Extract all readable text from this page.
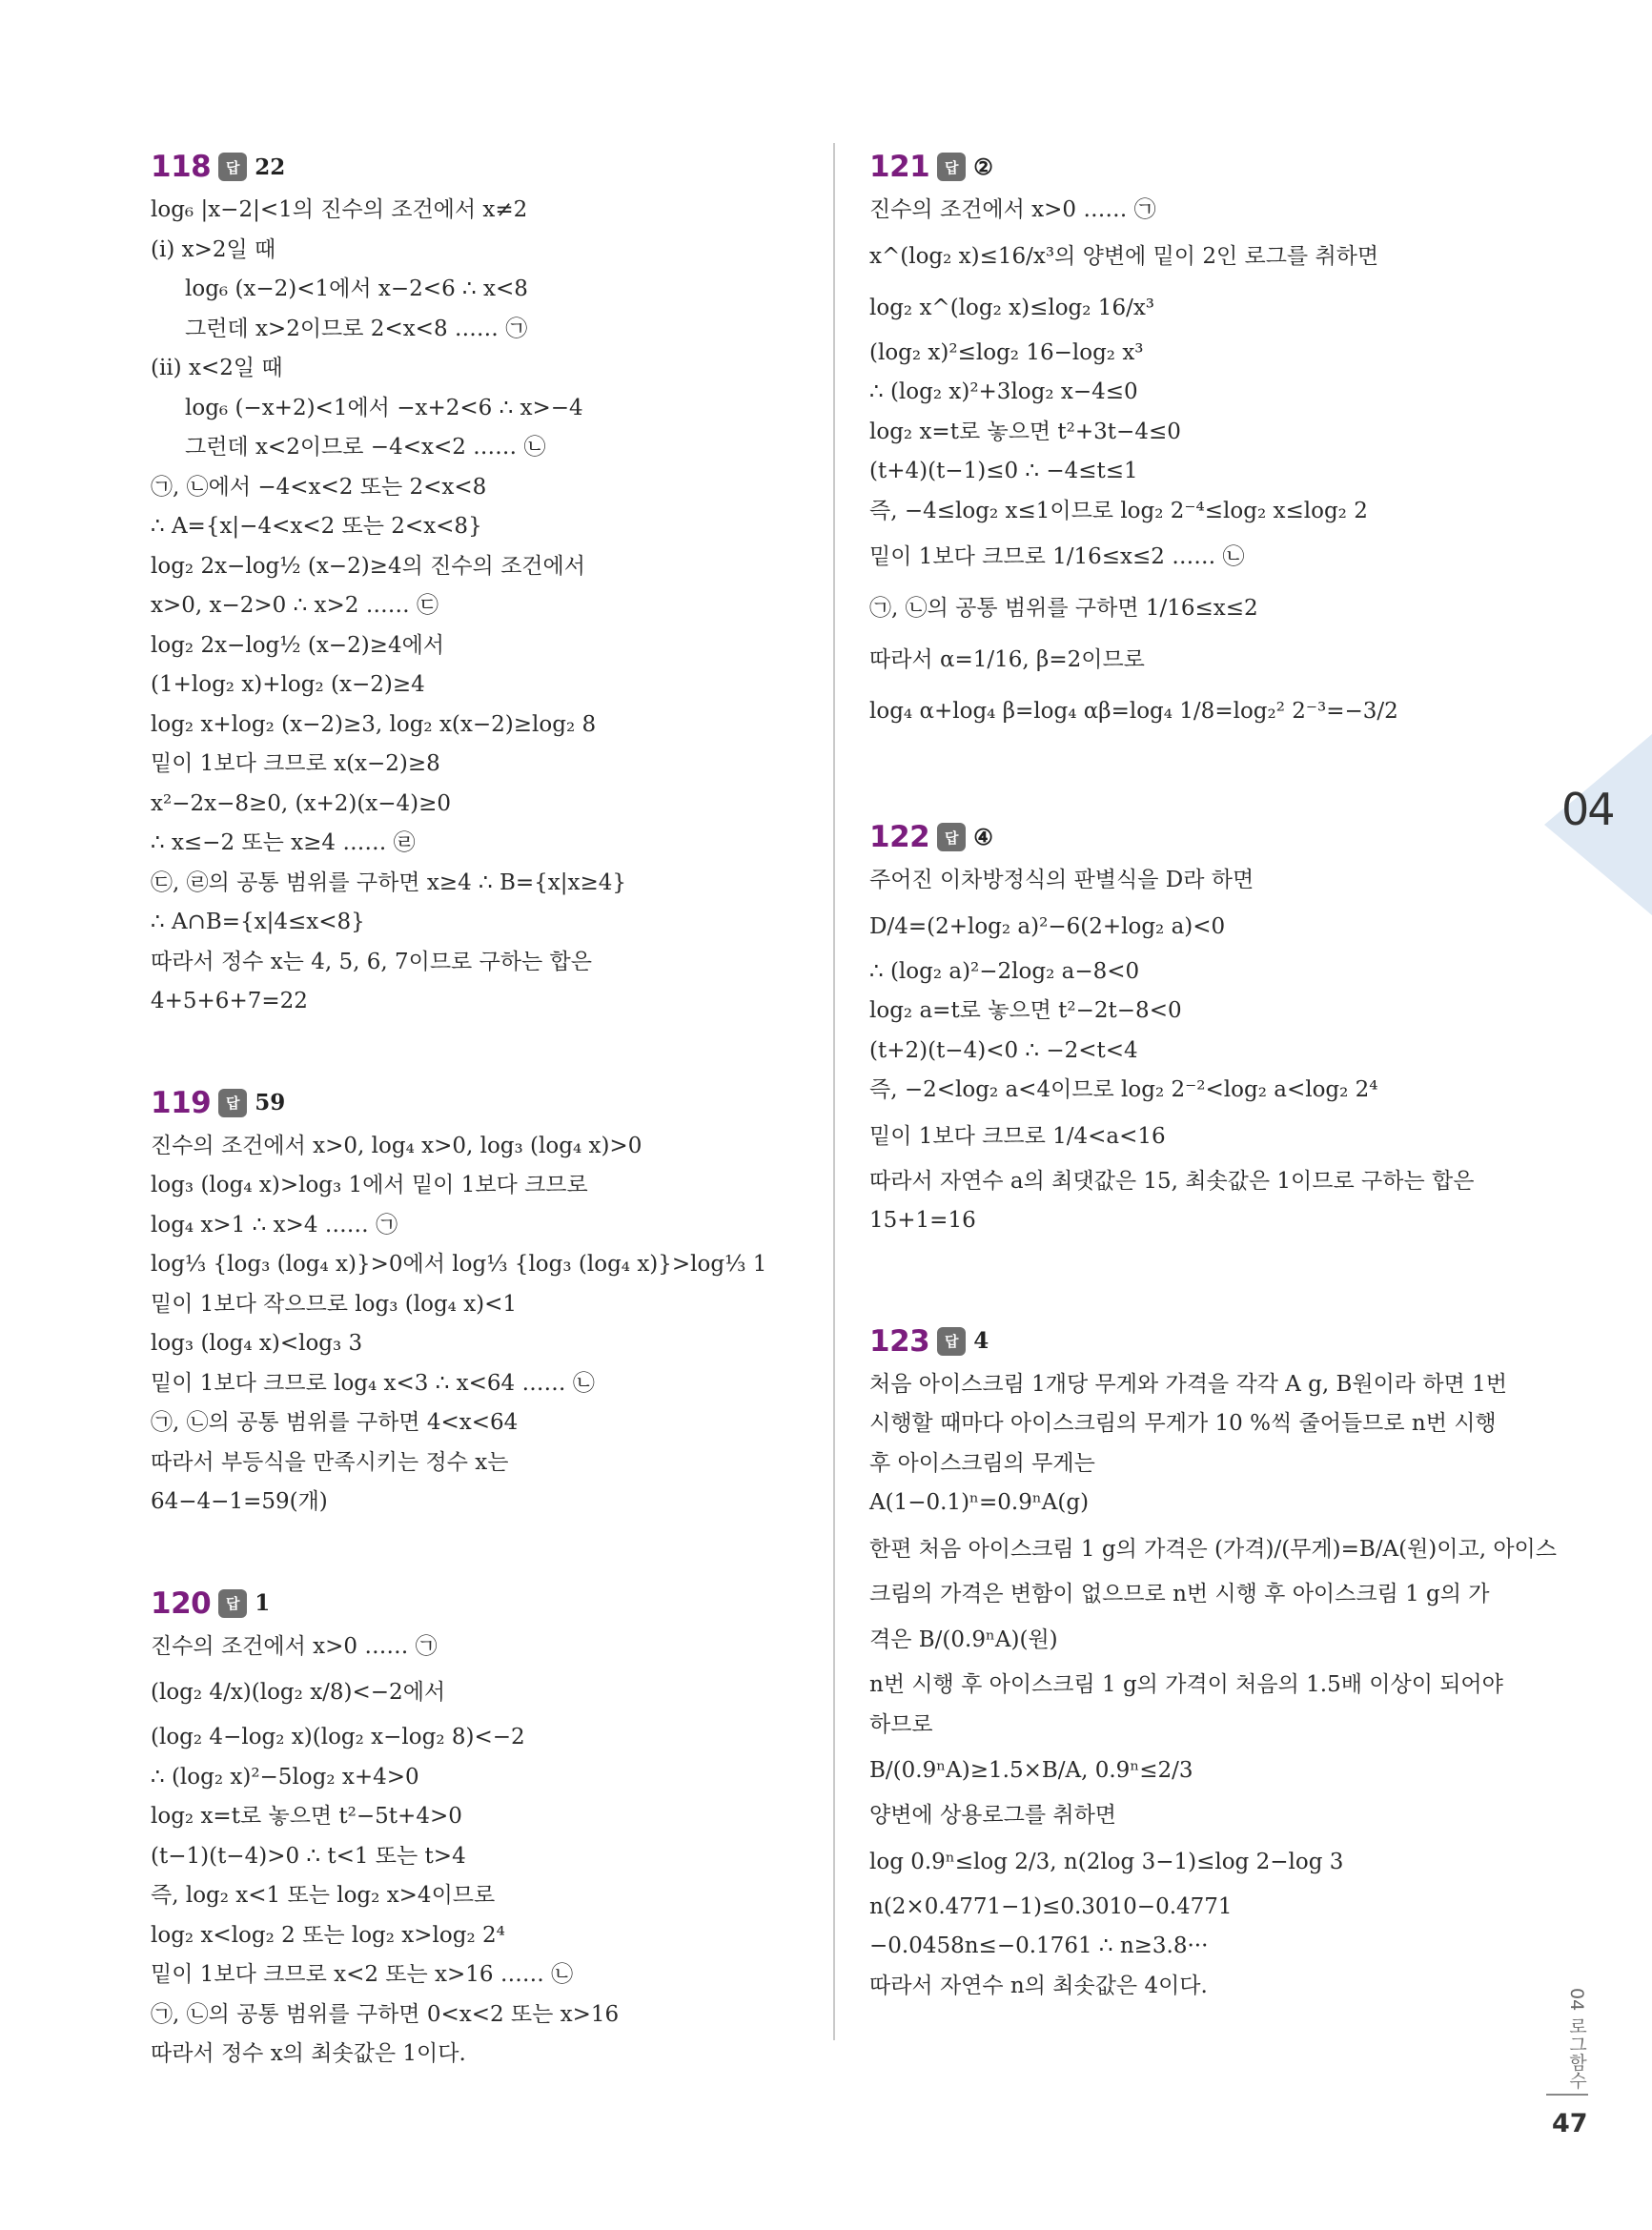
118	답 22
log₆ |x−2|<1의 진수의 조건에서 x≠2
(i) x>2일 때
log₆ (x−2)<1에서 x−2<6 ∴ x<8
그런데 x>2이므로 2<x<8 …… ㉠
(ii) x<2일 때
log₆ (−x+2)<1에서 −x+2<6 ∴ x>−4
그런데 x<2이므로 −4<x<2 …… ㉡
㉠, ㉡에서 −4<x<2 또는 2<x<8
∴ A={x|−4<x<2 또는 2<x<8}
log₂ 2x−log½ (x−2)≥4의 진수의 조건에서
x>0, x−2>0 ∴ x>2 …… ㉢
log₂ 2x−log½ (x−2)≥4에서
(1+log₂ x)+log₂ (x−2)≥4
log₂ x+log₂ (x−2)≥3, log₂ x(x−2)≥log₂ 8
밑이 1보다 크므로 x(x−2)≥8
x²−2x−8≥0, (x+2)(x−4)≥0
∴ x≤−2 또는 x≥4 …… ㉣
㉢, ㉣의 공통 범위를 구하면 x≥4 ∴ B={x|x≥4}
∴ A∩B={x|4≤x<8}
따라서 정수 x는 4, 5, 6, 7이므로 구하는 합은
4+5+6+7=22
119	답 59
진수의 조건에서 x>0, log₄ x>0, log₃ (log₄ x)>0
log₃ (log₄ x)>log₃ 1에서 밑이 1보다 크므로
log₄ x>1 ∴ x>4 …… ㉠
log⅓ {log₃ (log₄ x)}>0에서 log⅓ {log₃ (log₄ x)}>log⅓ 1
밑이 1보다 작으므로 log₃ (log₄ x)<1
log₃ (log₄ x)<log₃ 3
밑이 1보다 크므로 log₄ x<3 ∴ x<64 …… ㉡
㉠, ㉡의 공통 범위를 구하면 4<x<64
따라서 부등식을 만족시키는 정수 x는
64−4−1=59(개)
120	답 1
진수의 조건에서 x>0 …… ㉠
(log₂ 4/x)(log₂ x/8)<−2에서
(log₂ 4−log₂ x)(log₂ x−log₂ 8)<−2
∴ (log₂ x)²−5log₂ x+4>0
log₂ x=t로 놓으면 t²−5t+4>0
(t−1)(t−4)>0 ∴ t<1 또는 t>4
즉, log₂ x<1 또는 log₂ x>4이므로
log₂ x<log₂ 2 또는 log₂ x>log₂ 2⁴
밑이 1보다 크므로 x<2 또는 x>16 …… ㉡
㉠, ㉡의 공통 범위를 구하면 0<x<2 또는 x>16
따라서 정수 x의 최솟값은 1이다.
121	답 ②
진수의 조건에서 x>0 …… ㉠
x^(log₂ x)≤16/x³의 양변에 밑이 2인 로그를 취하면
log₂ x^(log₂ x)≤log₂ 16/x³
(log₂ x)²≤log₂ 16−log₂ x³
∴ (log₂ x)²+3log₂ x−4≤0
log₂ x=t로 놓으면 t²+3t−4≤0
(t+4)(t−1)≤0 ∴ −4≤t≤1
즉, −4≤log₂ x≤1이므로 log₂ 2⁻⁴≤log₂ x≤log₂ 2
밑이 1보다 크므로 1/16≤x≤2 …… ㉡
㉠, ㉡의 공통 범위를 구하면 1/16≤x≤2
따라서 α=1/16, β=2이므로
log₄ α+log₄ β=log₄ αβ=log₄ 1/8=log₂² 2⁻³=−3/2
122	답 ④
주어진 이차방정식의 판별식을 D라 하면
D/4=(2+log₂ a)²−6(2+log₂ a)<0
∴ (log₂ a)²−2log₂ a−8<0
log₂ a=t로 놓으면 t²−2t−8<0
(t+2)(t−4)<0 ∴ −2<t<4
즉, −2<log₂ a<4이므로 log₂ 2⁻²<log₂ a<log₂ 2⁴
밑이 1보다 크므로 1/4<a<16
따라서 자연수 a의 최댓값은 15, 최솟값은 1이므로 구하는 합은
15+1=16
123	답 4
처음 아이스크림 1개당 무게와 가격을 각각 A g, B원이라 하면 1번
시행할 때마다 아이스크림의 무게가 10 %씩 줄어들므로 n번 시행
후 아이스크림의 무게는
A(1−0.1)ⁿ=0.9ⁿA(g)
한편 처음 아이스크림 1 g의 가격은 (가격)/(무게)=B/A(원)이고, 아이스
크림의 가격은 변함이 없으므로 n번 시행 후 아이스크림 1 g의 가
격은 B/(0.9ⁿA)(원)
n번 시행 후 아이스크림 1 g의 가격이 처음의 1.5배 이상이 되어야
하므로
B/(0.9ⁿA)≥1.5×B/A, 0.9ⁿ≤2/3
양변에 상용로그를 취하면
log 0.9ⁿ≤log 2/3, n(2log 3−1)≤log 2−log 3
n(2×0.4771−1)≤0.3010−0.4771
−0.0458n≤−0.1761 ∴ n≥3.8···
따라서 자연수 n의 최솟값은 4이다.
04
04 로그함수
47
